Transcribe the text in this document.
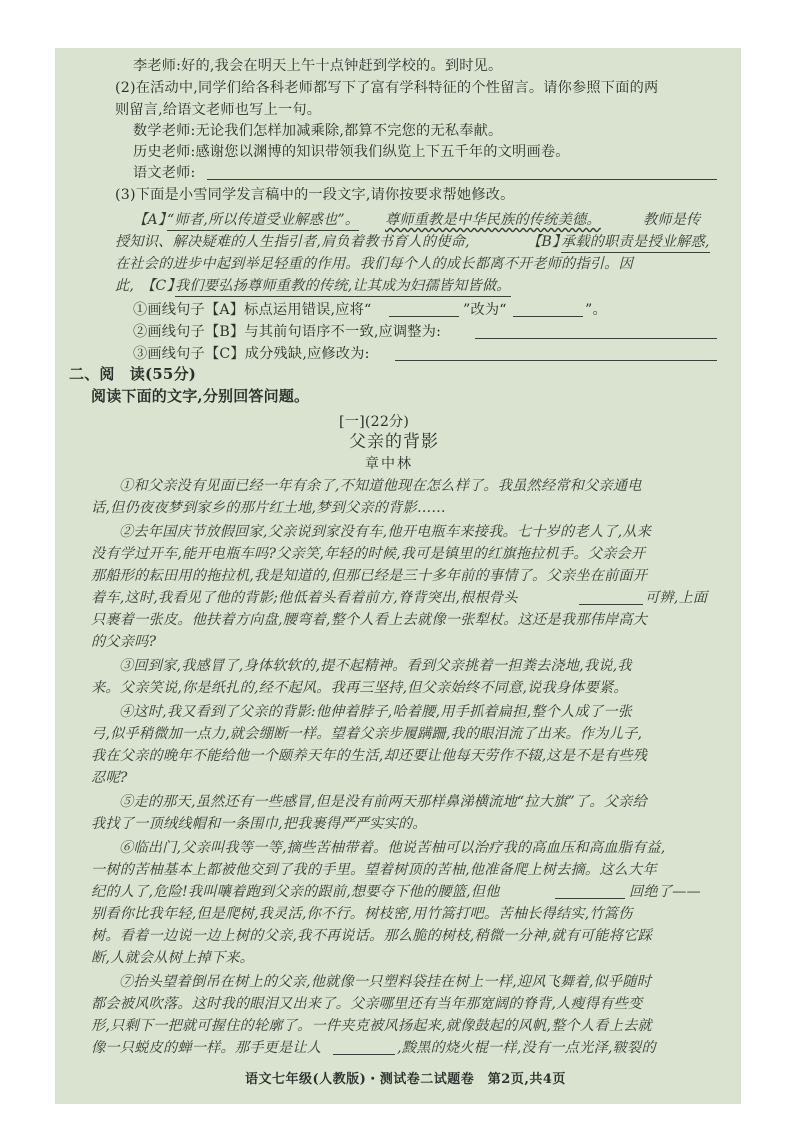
李老师:好的,我会在明天上午十点钟赶到学校的。到时见。
(2)在活动中,同学们给各科老师都写下了富有学科特征的个性留言。请你参照下面的两
则留言,给语文老师也写上一句。
数学老师:无论我们怎样加减乘除,都算不完您的无私奉献。
历史老师:感谢您以渊博的知识带领我们纵览上下五千年的文明画卷。
语文老师:
(3)下面是小雪同学发言稿中的一段文字,请你按要求帮她修改。
【A】
“师者,所以传道受业解惑也”。 尊师重教是中华民族的传统美德。	教师是传
授知识、解决疑难的人生指引者,肩负着教书育人的使命,	【B】
承载的职责是授业解惑,
在社会的进步中起到举足轻重的作用。我们每个人的成长都离不开老师的指引。因
此, 【C】
我们要弘扬尊师重教的传统,让其成为妇孺皆知皆做。
①画线句子【A】标点运用错误,应将“	”改为“	”。
②画线句子【B】与其前句语序不一致,应调整为:
③画线句子【C】成分残缺,应修改为:
二、阅　读(55分)
阅读下面的文字,分别回答问题。
[一](22分)
父亲的背影
章中林
①和父亲没有见面已经一年有余了,不知道他现在怎么样了。我虽然经常和父亲通电
话,但仍夜夜梦到家乡的那片红土地,梦到父亲的背影……
②去年国庆节放假回家,父亲说到家没有车,他开电瓶车来接我。七十岁的老人了,从来
没有学过开车,能开电瓶车吗?父亲笑,年轻的时候,我可是镇里的红旗拖拉机手。父亲会开
那船形的耘田用的拖拉机,我是知道的,但那已经是三十多年前的事情了。父亲坐在前面开
着车,这时,我看见了他的背影;他低着头看着前方,脊背突出,根根骨头	可辨,上面
只裹着一张皮。他扶着方向盘,腰弯着,整个人看上去就像一张犁杖。这还是我那伟岸高大
的父亲吗?
③回到家,我感冒了,身体软软的,提不起精神。看到父亲挑着一担粪去浇地,我说,我
来。父亲笑说,你是纸扎的,经不起风。我再三坚持,但父亲始终不同意,说我身体要紧。
④这时,我又看到了父亲的背影:他伸着脖子,哈着腰,用手抓着扁担,整个人成了一张
弓,似乎稍微加一点力,就会绷断一样。望着父亲步履蹒跚,我的眼泪流了出来。作为儿子,
我在父亲的晚年不能给他一个颐养天年的生活,却还要让他每天劳作不辍,这是不是有些残
忍呢?
⑤走的那天,虽然还有一些感冒,但是没有前两天那样鼻涕横流地“拉大旗”了。父亲给
我找了一顶绒线帽和一条围巾,把我裹得严严实实的。
⑥临出门,父亲叫我等一等,摘些苦柚带着。他说苦柚可以治疗我的高血压和高血脂有益,
一树的苦柚基本上都被他交到了我的手里。望着树顶的苦柚,他准备爬上树去摘。这么大年
纪的人了,危险!我叫嚷着跑到父亲的跟前,想要夺下他的腰篮,但他	回绝了——
别看你比我年轻,但是爬树,我灵活,你不行。树枝密,用竹篙打吧。苦柚长得结实,竹篙伤
树。看着一边说一边上树的父亲,我不再说话。那么脆的树枝,稍微一分神,就有可能将它踩
断,人就会从树上掉下来。
⑦抬头望着倒吊在树上的父亲,他就像一只塑料袋挂在树上一样,迎风飞舞着,似乎随时
都会被风吹落。这时我的眼泪又出来了。父亲哪里还有当年那宽阔的脊背,人瘦得有些变
形,只剩下一把就可握住的轮廓了。一件夹克被风扬起来,就像鼓起的风帆,整个人看上去就
像一只蜕皮的蝉一样。那手更是让人	,黢黑的烧火棍一样,没有一点光泽,皲裂的
语文七年级(人教版)・测试卷二试题卷　第2页,共4页
